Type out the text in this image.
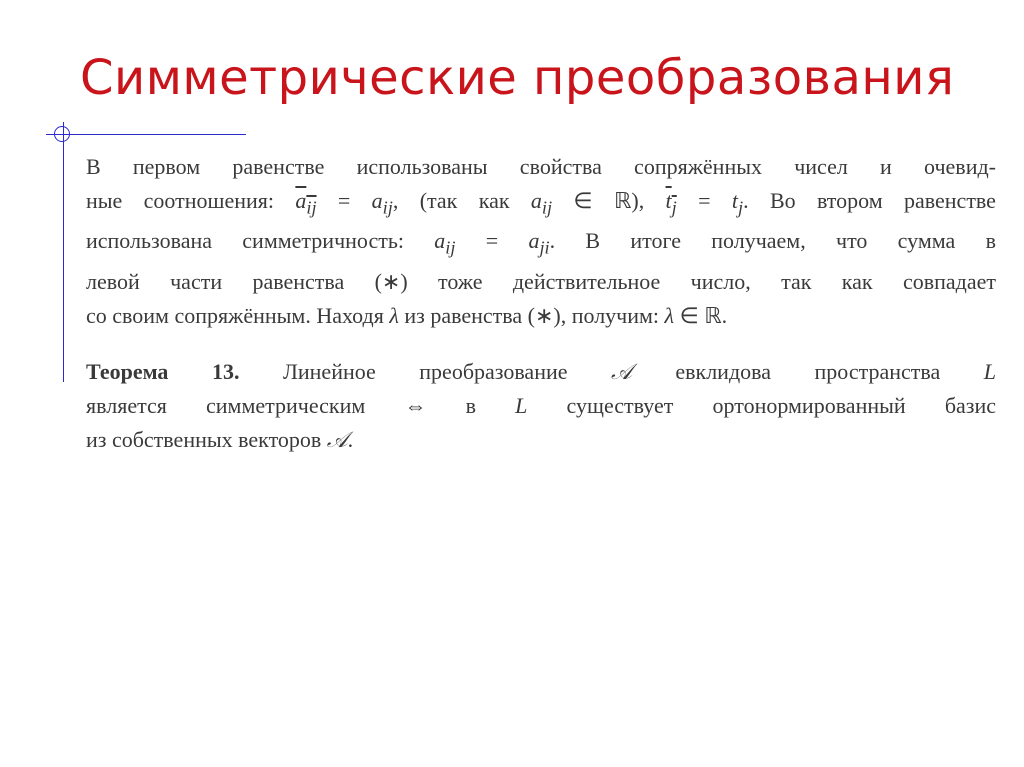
Симметрические преобразования
В первом равенстве использованы свойства сопряжённых чисел и очевид-
ные соотношения: $a_{ij} = a_{ij}$, (так как $a_{ij}$ ∈ ℝ), $t_j = t_j$. Во втором равенстве
использована симметричность: $a_{ij} = a_{ji}$. В итоге получаем, что сумма в
левой части равенства (∗) тоже действительное число, так как совпадает
со своим сопряжённым. Находя λ из равенства (∗), получим: λ ∈ ℝ.
Теорема 13. Линейное преобразование 𝒜 евклидова пространства L
является симметрическим ⇔ в L существует ортонормированный базис
из собственных векторов 𝒜.
